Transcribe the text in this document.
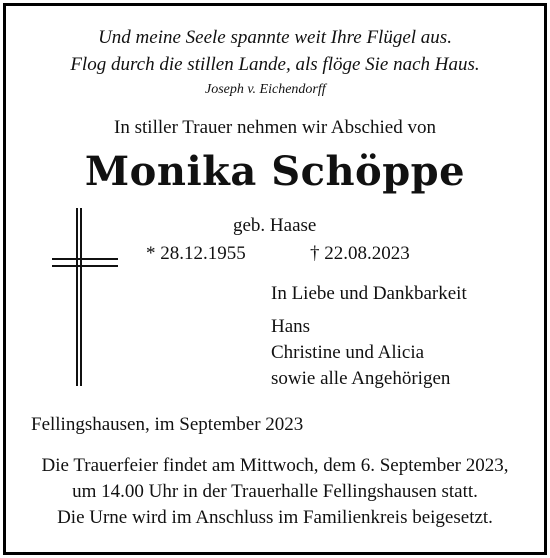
Und meine Seele spannte weit Ihre Flügel aus.
Flog durch die stillen Lande, als flöge Sie nach Haus.
Joseph v. Eichendorff
In stiller Trauer nehmen wir Abschied von
Monika Schöppe
geb. Haase
* 28.12.1955	† 22.08.2023
In Liebe und Dankbarkeit
Hans
Christine und Alicia
sowie alle Angehörigen
Fellingshausen, im September 2023
Die Trauerfeier findet am Mittwoch, dem 6. September 2023,
um 14.00 Uhr in der Trauerhalle Fellingshausen statt.
Die Urne wird im Anschluss im Familienkreis beigesetzt.
